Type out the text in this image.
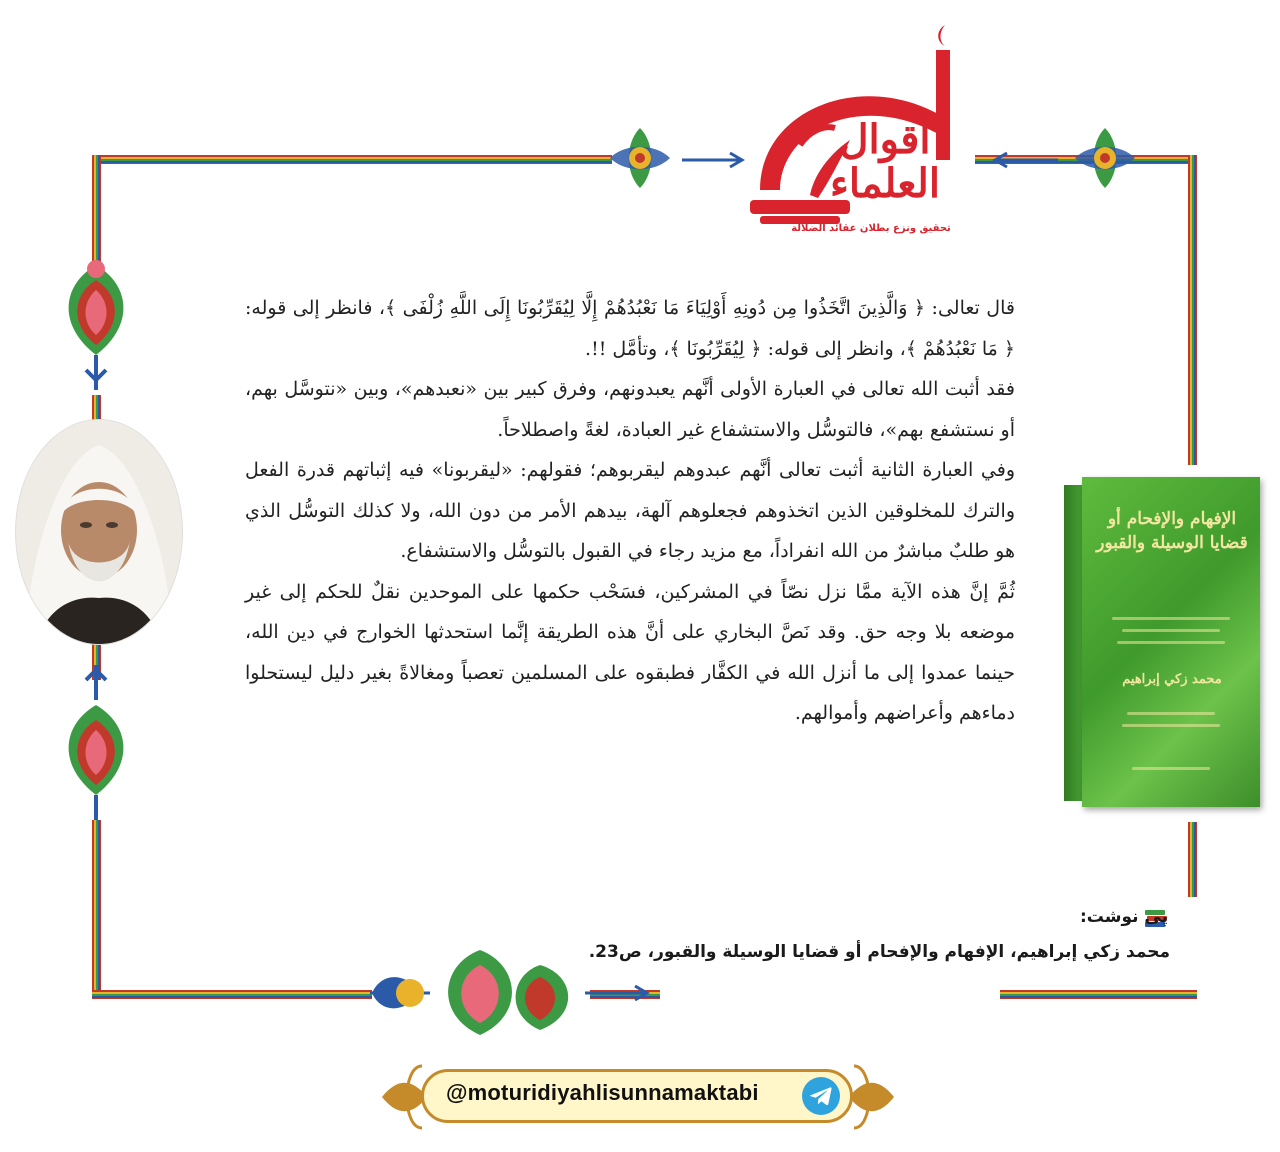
أقوال العلماء
تحقيق ونزع بطلان عقائد الضلالة

قال تعالى: ﴿ وَالَّذِينَ اتَّخَذُوا مِن دُونِهِ أَوْلِيَاءَ مَا نَعْبُدُهُمْ إِلَّا لِيُقَرِّبُونَا إِلَى اللَّهِ زُلْفَى ﴾، فانظر إلى قوله: ﴿ مَا نَعْبُدُهُمْ ﴾، وانظر إلى قوله: ﴿ لِيُقَرِّبُونَا ﴾، وتأمَّل !!.

فقد أثبت الله تعالى في العبارة الأولى أنَّهم يعبدونهم، وفرق كبير بين «نعبدهم»، وبين «نتوسَّل بهم، أو نستشفع بهم»، فالتوسُّل والاستشفاع غير العبادة، لغةً واصطلاحاً.

وفي العبارة الثانية أثبت تعالى أنَّهم عبدوهم ليقربوهم؛ فقولهم: «ليقربونا» فيه إثباتهم قدرة الفعل والترك للمخلوقين الذين اتخذوهم فجعلوهم آلهة، بيدهم الأمر من دون الله، ولا كذلك التوسُّل الذي هو طلبٌ مباشرٌ من الله انفراداً، مع مزيد رجاء في القبول بالتوسُّل والاستشفاع.

ثُمَّ إنَّ هذه الآية ممَّا نزل نصّاً في المشركين، فسَحْب حكمها على الموحدين نقلٌ للحكم إلى غير موضعه بلا وجه حق. وقد نَصَّ البخاري على أنَّ هذه الطريقة إنَّما استحدثها الخوارج في دين الله، حينما عمدوا إلى ما أنزل الله في الكفَّار فطبقوه على المسلمين تعصباً ومغالاةً بغير دليل ليستحلوا دماءهم وأعراضهم وأموالهم.

الإفهام والإفحام أو قضايا الوسيلة والقبور
محمد زكي إبراهيم
پی نوشت:
محمد زکي إبراهيم، الإفهام والإفحام أو قضايا الوسيلة والقبور، ص23.
@moturidiyahlisunnamaktabi
